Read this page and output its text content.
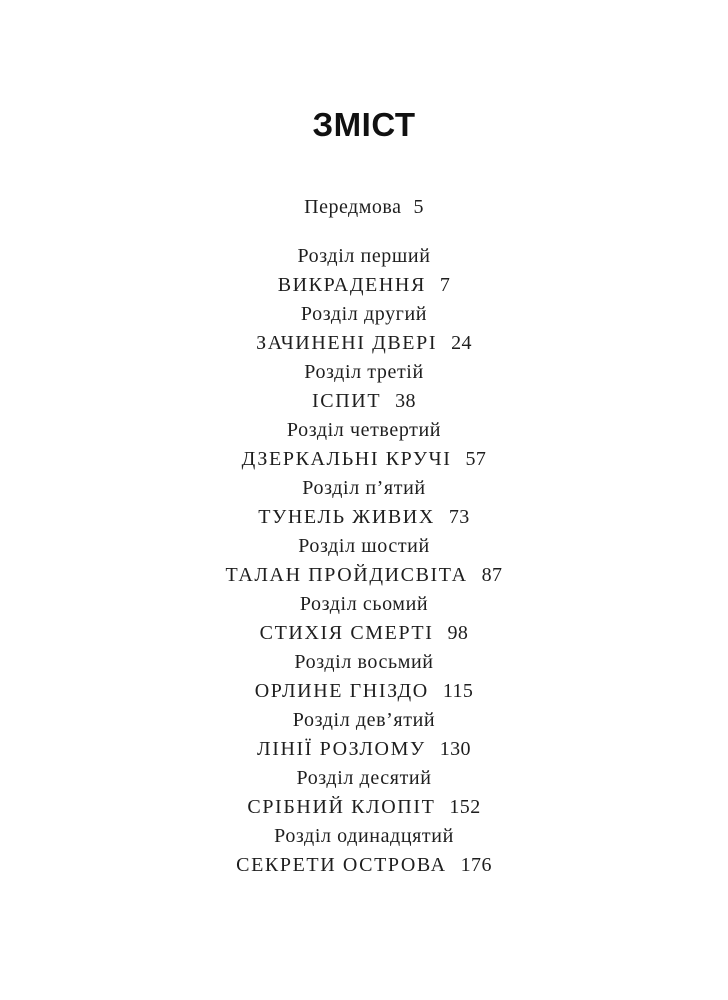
ЗМІСТ
Передмова 5
Розділ перший
ВИКРАДЕННЯ 7
Розділ другий
ЗАЧИНЕНІ ДВЕРІ 24
Розділ третій
ІСПИТ 38
Розділ четвертий
ДЗЕРКАЛЬНІ КРУЧІ 57
Розділ п’ятий
ТУНЕЛЬ ЖИВИХ 73
Розділ шостий
ТАЛАН ПРОЙДИСВІТА 87
Розділ сьомий
СТИХІЯ СМЕРТІ 98
Розділ восьмий
ОРЛИНЕ ГНІЗДО 115
Розділ дев’ятий
ЛІНІЇ РОЗЛОМУ 130
Розділ десятий
СРІБНИЙ КЛОПІТ 152
Розділ одинадцятий
СЕКРЕТИ ОСТРОВА 176
